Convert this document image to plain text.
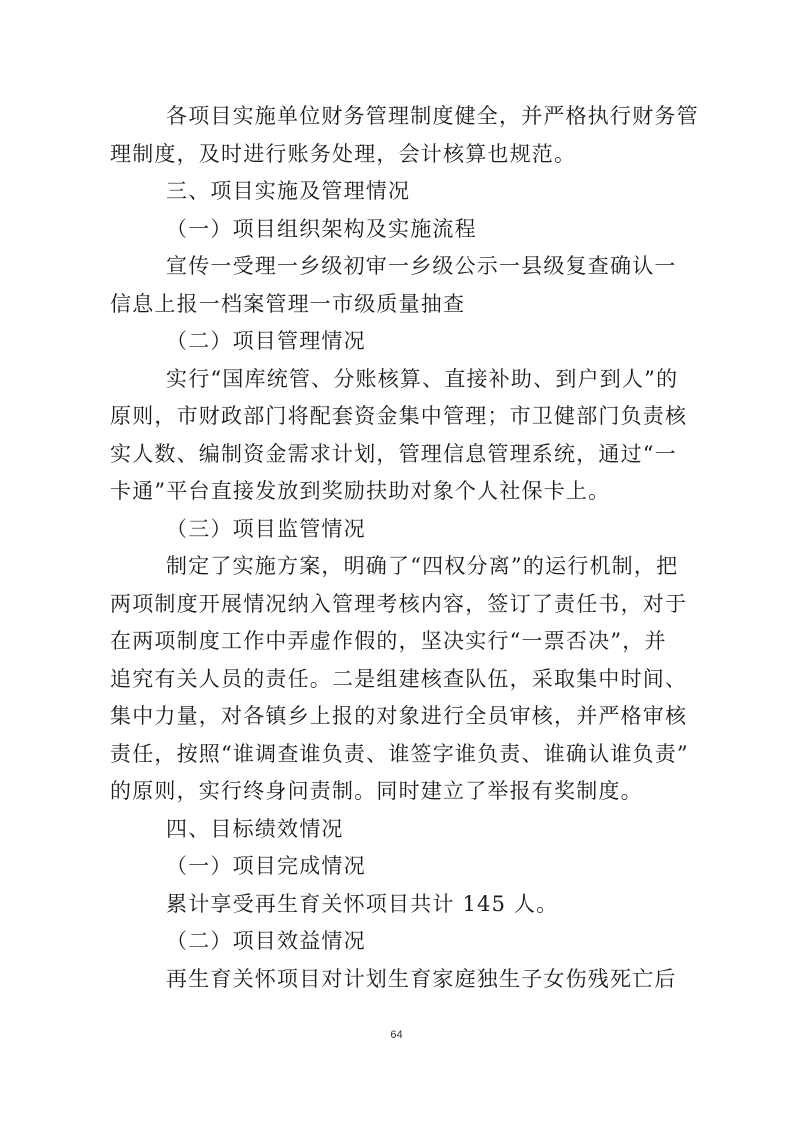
各项目实施单位财务管理制度健全，并严格执行财务管
理制度，及时进行账务处理，会计核算也规范。
三、项目实施及管理情况
（一）项目组织架构及实施流程
宣传一受理一乡级初审一乡级公示一县级复查确认一
信息上报一档案管理一市级质量抽查
（二）项目管理情况
实行“国库统管、分账核算、直接补助、到户到人”的
原则，市财政部门将配套资金集中管理；市卫健部门负责核
实人数、编制资金需求计划，管理信息管理系统，通过“一
卡通”平台直接发放到奖励扶助对象个人社保卡上。
（三）项目监管情况
制定了实施方案，明确了“四权分离”的运行机制，把
两项制度开展情况纳入管理考核内容，签订了责任书，对于
在两项制度工作中弄虚作假的，坚决实行“一票否决”，并
追究有关人员的责任。二是组建核查队伍，采取集中时间、
集中力量，对各镇乡上报的对象进行全员审核，并严格审核
责任，按照“谁调查谁负责、谁签字谁负责、谁确认谁负责”
的原则，实行终身问责制。同时建立了举报有奖制度。
四、目标绩效情况
（一）项目完成情况
累计享受再生育关怀项目共计 145 人。
（二）项目效益情况
再生育关怀项目对计划生育家庭独生子女伤残死亡后
64
